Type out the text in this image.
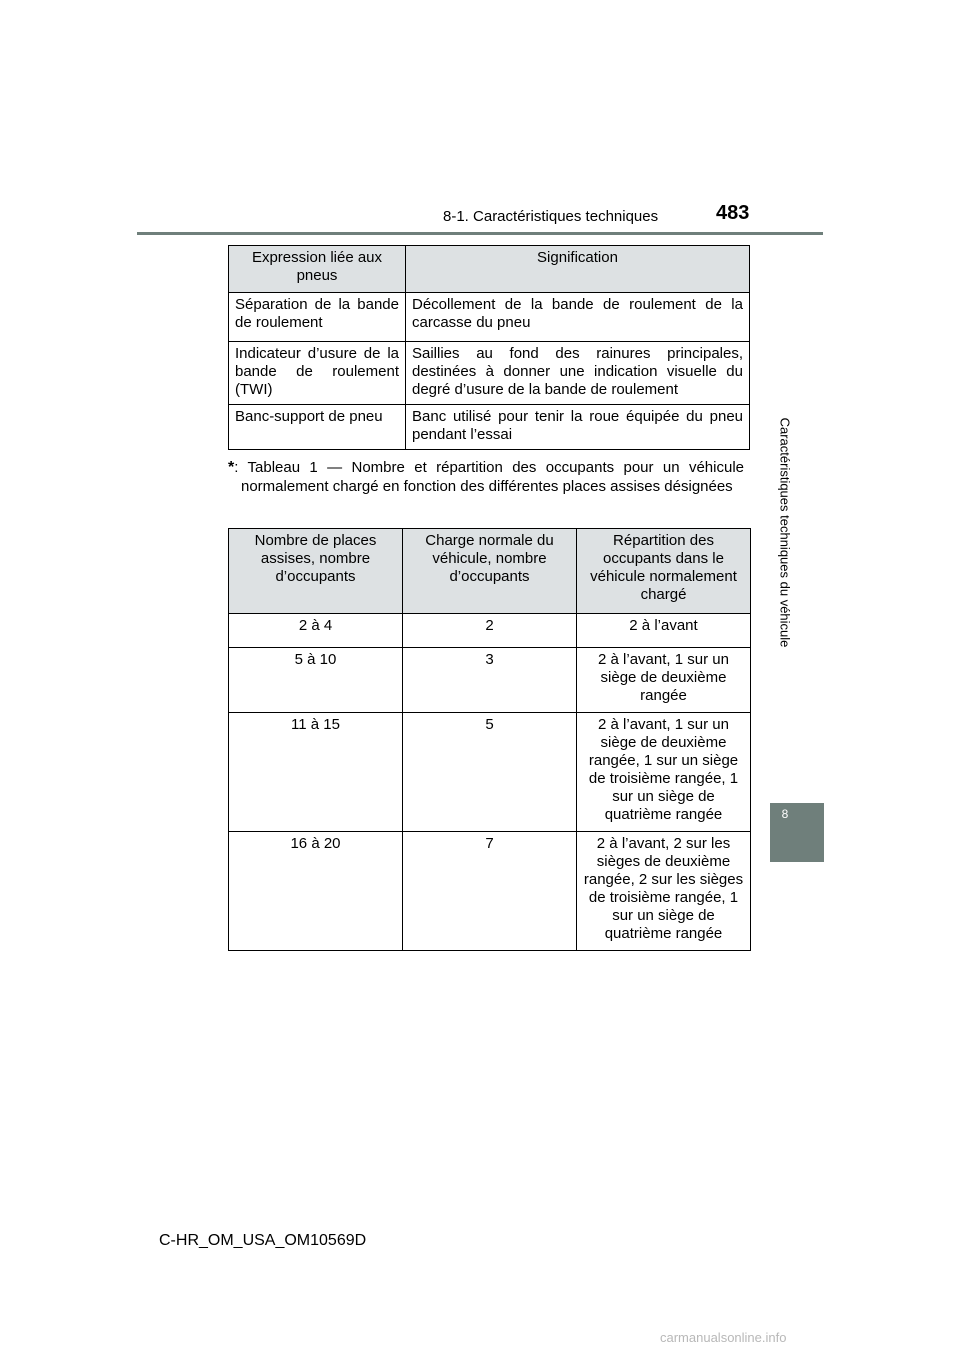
8-1. Caractéristiques techniques	483
Caractéristiques techniques du véhicule
8
Expression liée aux pneus	Signification
Séparation de la bande de roulement	Décollement de la bande de roulement de la carcasse du pneu
Indicateur d’usure de la bande de roulement (TWI)	Saillies au fond des rainures principales, destinées à donner une indication visuelle du degré d’usure de la bande de roulement
Banc-support de pneu	Banc utilisé pour tenir la roue équipée du pneu pendant l’essai
*: Tableau 1 — Nombre et répartition des occupants pour un véhicule normalement chargé en fonction des différentes places assises désignées
Nombre de places assises, nombre d’occupants	Charge normale du véhicule, nombre d’occupants	Répartition des occupants dans le véhicule normalement chargé
2 à 4	2	2 à l’avant
5 à 10	3	2 à l’avant, 1 sur un siège de deuxième rangée
11 à 15	5	2 à l’avant, 1 sur un siège de deuxième rangée, 1 sur un siège de troisième rangée, 1 sur un siège de quatrième rangée
16 à 20	7	2 à l’avant, 2 sur les sièges de deuxième rangée, 2 sur les sièges de troisième rangée, 1 sur un siège de quatrième rangée
C-HR_OM_USA_OM10569D
carmanualsonline.info
